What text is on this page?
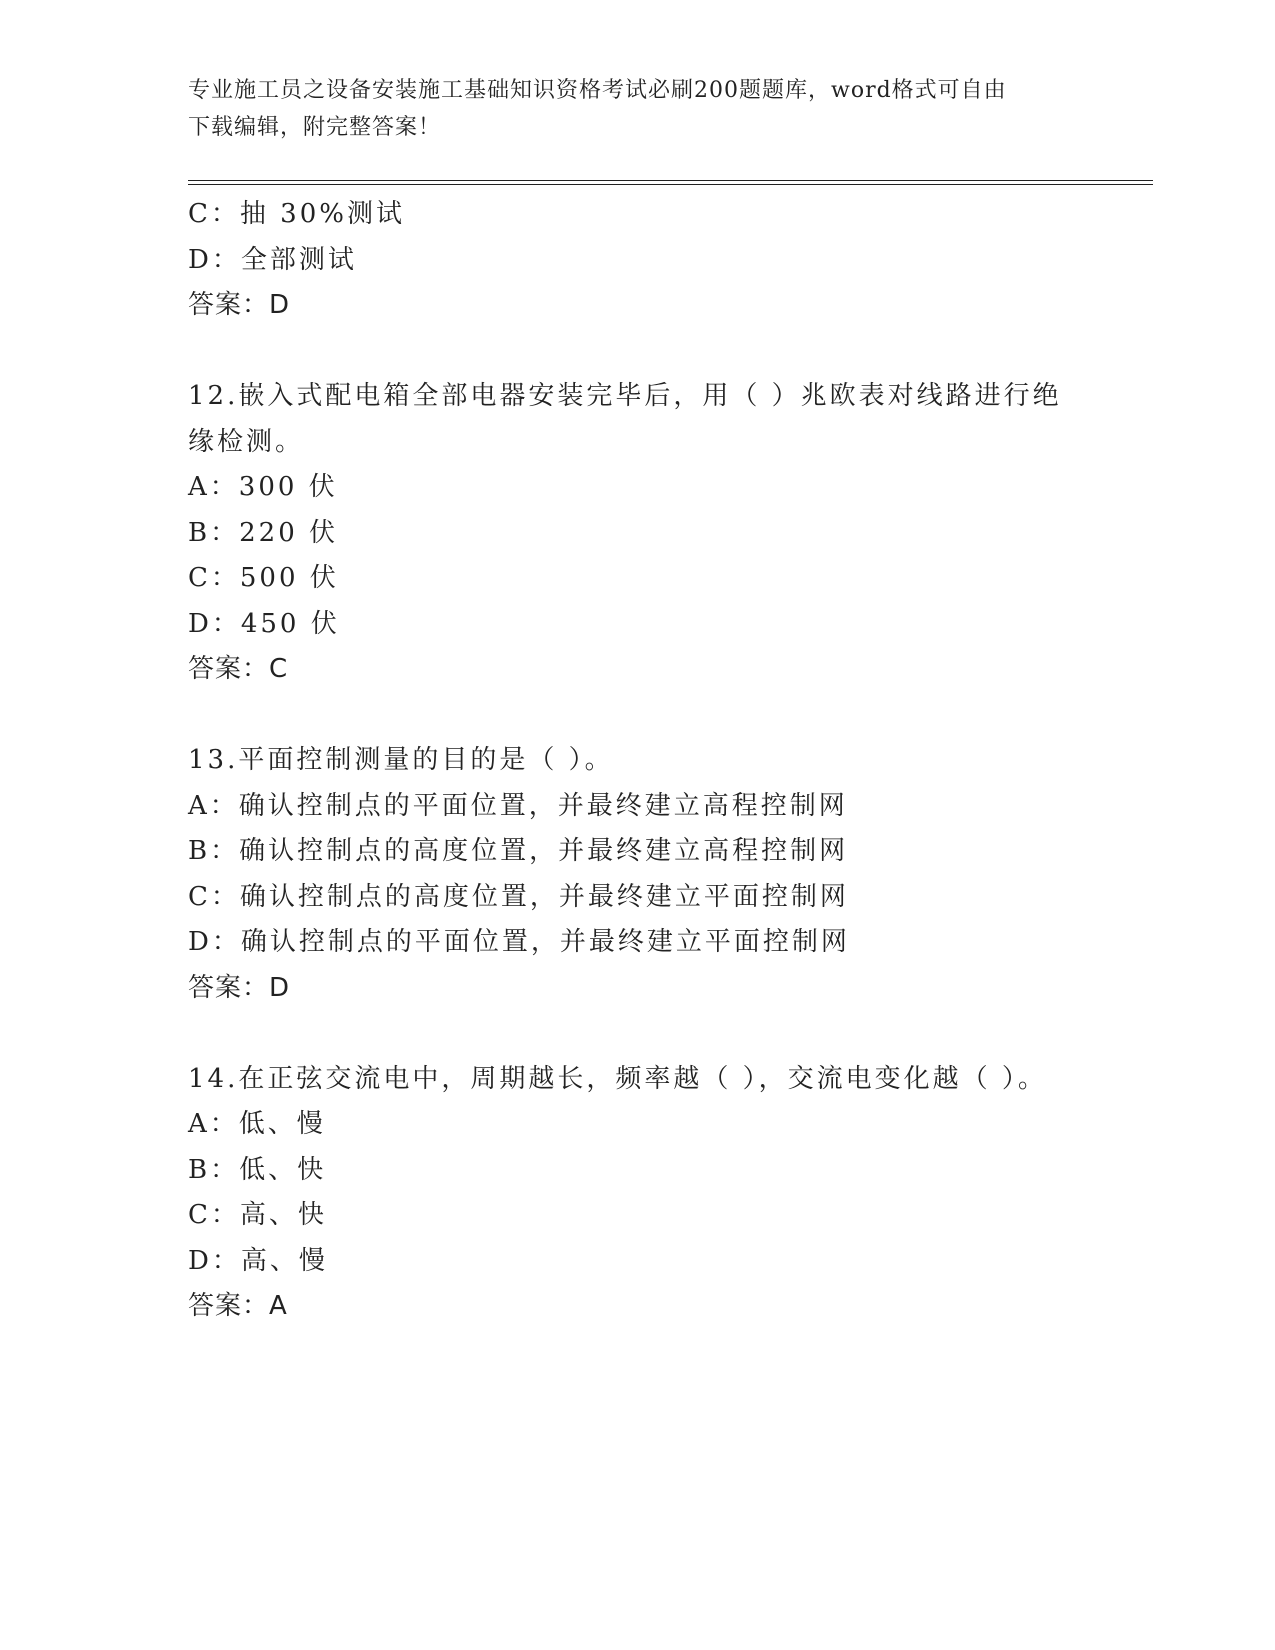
专业施工员之设备安装施工基础知识资格考试必刷200题题库，word格式可自由
下载编辑，附完整答案！
C：抽 30%测试
D：全部测试
答案：D
12.嵌入式配电箱全部电器安装完毕后，用（ ）兆欧表对线路进行绝
缘检测。
A：300 伏
B：220 伏
C：500 伏
D：450 伏
答案：C
13.平面控制测量的目的是（ ）。
A：确认控制点的平面位置，并最终建立高程控制网
B：确认控制点的高度位置，并最终建立高程控制网
C：确认控制点的高度位置，并最终建立平面控制网
D：确认控制点的平面位置，并最终建立平面控制网
答案：D
14.在正弦交流电中，周期越长，频率越（ ），交流电变化越（ ）。
A：低、慢
B：低、快
C：高、快
D：高、慢
答案：A
